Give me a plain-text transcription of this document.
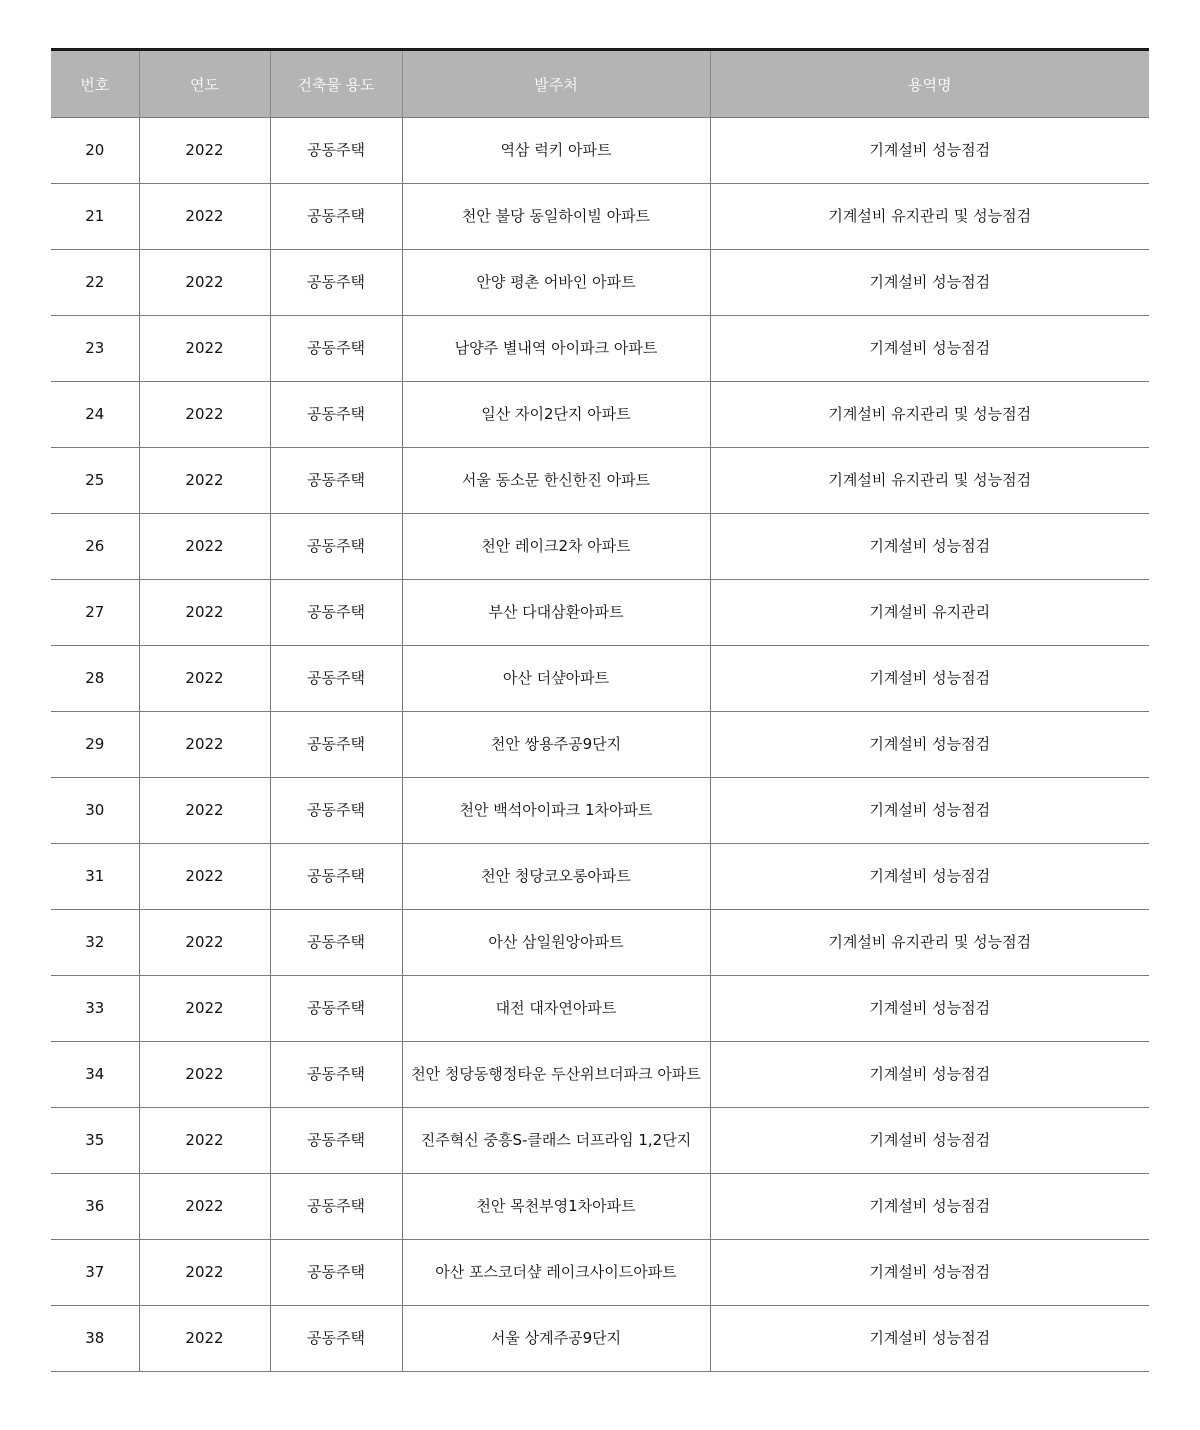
번호	연도	건축물 용도	발주처	용역명
20	2022	공동주택	역삼 럭키 아파트	기계설비 성능점검
21	2022	공동주택	천안 불당 동일하이빌 아파트	기계설비 유지관리 및 성능점검
22	2022	공동주택	안양 평촌 어바인 아파트	기계설비 성능점검
23	2022	공동주택	남양주 별내역 아이파크 아파트	기계설비 성능점검
24	2022	공동주택	일산 자이2단지 아파트	기계설비 유지관리 및 성능점검
25	2022	공동주택	서울 동소문 한신한진 아파트	기계설비 유지관리 및 성능점검
26	2022	공동주택	천안 레이크2차 아파트	기계설비 성능점검
27	2022	공동주택	부산 다대삼환아파트	기계설비 유지관리
28	2022	공동주택	아산 더샾아파트	기계설비 성능점검
29	2022	공동주택	천안 쌍용주공9단지	기계설비 성능점검
30	2022	공동주택	천안 백석아이파크 1차아파트	기계설비 성능점검
31	2022	공동주택	천안 청당코오롱아파트	기계설비 성능점검
32	2022	공동주택	아산 삼일원앙아파트	기계설비 유지관리 및 성능점검
33	2022	공동주택	대전 대자연아파트	기계설비 성능점검
34	2022	공동주택	천안 청당동행정타운 두산위브더파크 아파트	기계설비 성능점검
35	2022	공동주택	진주혁신 중흥S-클래스 더프라임 1,2단지	기계설비 성능점검
36	2022	공동주택	천안 목천부영1차아파트	기계설비 성능점검
37	2022	공동주택	아산 포스코더샾 레이크사이드아파트	기계설비 성능점검
38	2022	공동주택	서울 상계주공9단지	기계설비 성능점검
